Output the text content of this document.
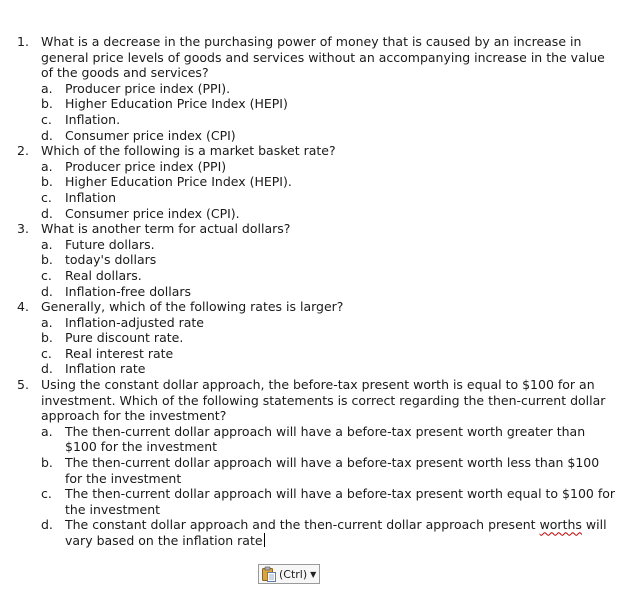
1. What is a decrease in the purchasing power of money that is caused by an increase in general price levels of goods and services without an accompanying increase in the value of the goods and services?
a. Producer price index (PPI).
b. Higher Education Price Index (HEPI)
c. Inflation.
d. Consumer price index (CPI)
2. Which of the following is a market basket rate?
a. Producer price index (PPI)
b. Higher Education Price Index (HEPI).
c. Inflation
d. Consumer price index (CPI).
3. What is another term for actual dollars?
a. Future dollars.
b. today's dollars
c. Real dollars.
d. Inflation-free dollars
4. Generally, which of the following rates is larger?
a. Inflation-adjusted rate
b. Pure discount rate.
c. Real interest rate
d. Inflation rate
5. Using the constant dollar approach, the before-tax present worth is equal to $100 for an investment. Which of the following statements is correct regarding the then-current dollar approach for the investment?
a. The then-current dollar approach will have a before-tax present worth greater than $100 for the investment
b. The then-current dollar approach will have a before-tax present worth less than $100 for the investment
c. The then-current dollar approach will have a before-tax present worth equal to $100 for the investment
d. The constant dollar approach and the then-current dollar approach present worths will vary based on the inflation rate
(Ctrl) ▼
